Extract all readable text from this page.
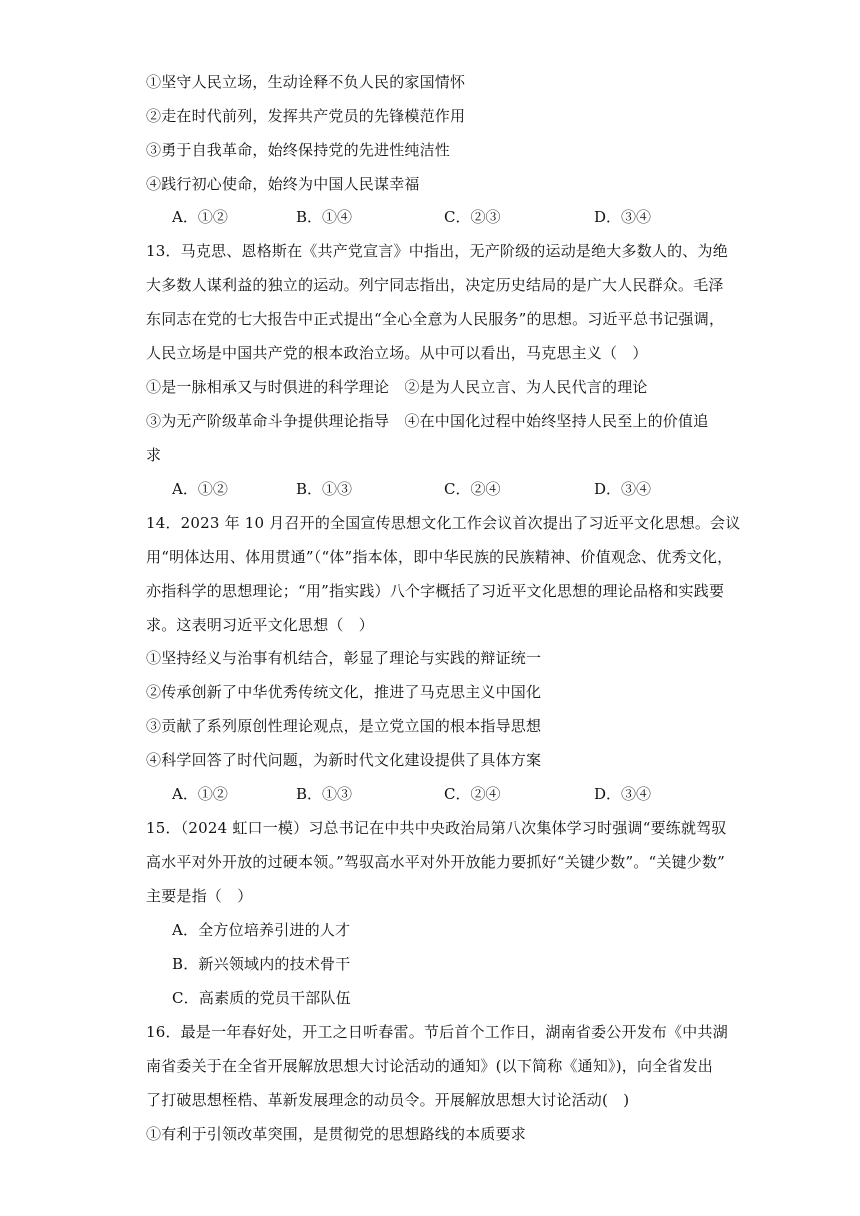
①坚守人民立场，生动诠释不负人民的家国情怀
②走在时代前列，发挥共产党员的先锋模范作用
③勇于自我革命，始终保持党的先进性纯洁性
④践行初心使命，始终为中国人民谋幸福
A．①②	B．①④	C．②③	D．③④
13．马克思、恩格斯在《共产党宣言》中指出，无产阶级的运动是绝大多数人的、为绝
大多数人谋利益的独立的运动。列宁同志指出，决定历史结局的是广大人民群众。毛泽
东同志在党的七大报告中正式提出“全心全意为人民服务”的思想。习近平总书记强调，
人民立场是中国共产党的根本政治立场。从中可以看出，马克思主义（　）
①是一脉相承又与时俱进的科学理论　②是为人民立言、为人民代言的理论
③为无产阶级革命斗争提供理论指导　④在中国化过程中始终坚持人民至上的价值追
求
A．①②	B．①③	C．②④	D．③④
14．2023 年 10 月召开的全国宣传思想文化工作会议首次提出了习近平文化思想。会议
用“明体达用、体用贯通”（“体”指本体，即中华民族的民族精神、价值观念、优秀文化，
亦指科学的思想理论；“用”指实践）八个字概括了习近平文化思想的理论品格和实践要
求。这表明习近平文化思想（　）
①坚持经义与治事有机结合，彰显了理论与实践的辩证统一
②传承创新了中华优秀传统文化，推进了马克思主义中国化
③贡献了系列原创性理论观点，是立党立国的根本指导思想
④科学回答了时代问题，为新时代文化建设提供了具体方案
A．①②	B．①③	C．②④	D．③④
15．（2024 虹口一模）习总书记在中共中央政治局第八次集体学习时强调“要练就驾驭
高水平对外开放的过硬本领。”驾驭高水平对外开放能力要抓好“关键少数”。“关键少数”
主要是指（　）
A．全方位培养引进的人才
B．新兴领域内的技术骨干
C．高素质的党员干部队伍
16．最是一年春好处，开工之日听春雷。节后首个工作日，湖南省委公开发布《中共湖
南省委关于在全省开展解放思想大讨论活动的通知》(以下简称《通知》)，向全省发出
了打破思想桎梏、革新发展理念的动员令。开展解放思想大讨论活动(　)
①有利于引领改革突围，是贯彻党的思想路线的本质要求
